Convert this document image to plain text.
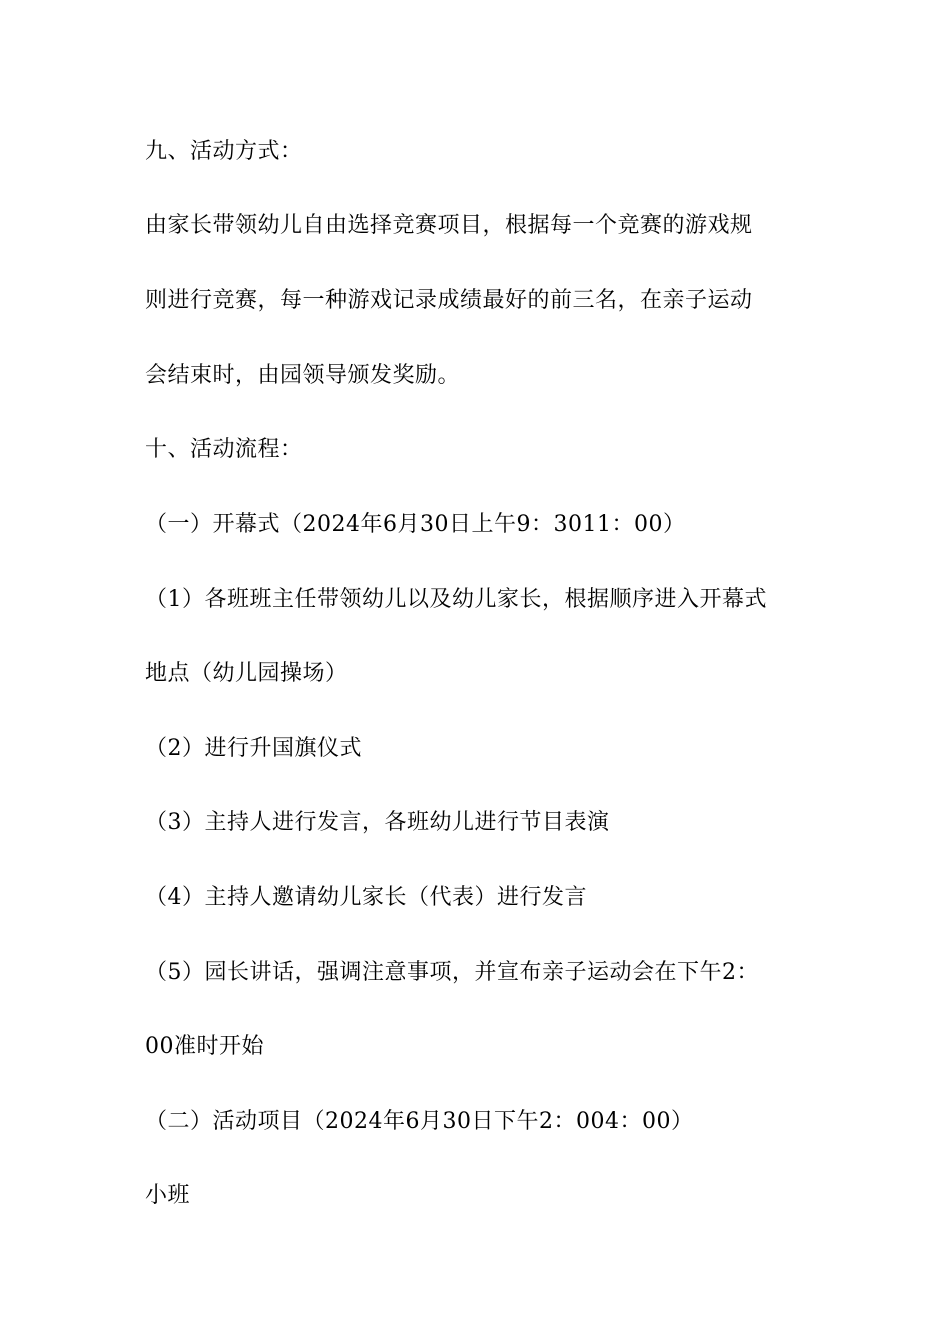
九、活动方式：
由家长带领幼儿自由选择竞赛项目，根据每一个竞赛的游戏规
则进行竞赛，每一种游戏记录成绩最好的前三名，在亲子运动
会结束时，由园领导颁发奖励。
十、活动流程：
（一）开幕式（2024年6月30日上午9：3011：00）
（1）各班班主任带领幼儿以及幼儿家长，根据顺序进入开幕式
地点（幼儿园操场）
（2）进行升国旗仪式
（3）主持人进行发言，各班幼儿进行节目表演
（4）主持人邀请幼儿家长（代表）进行发言
（5）园长讲话，强调注意事项，并宣布亲子运动会在下午2：
00准时开始
（二）活动项目（2024年6月30日下午2：004：00）
小班
